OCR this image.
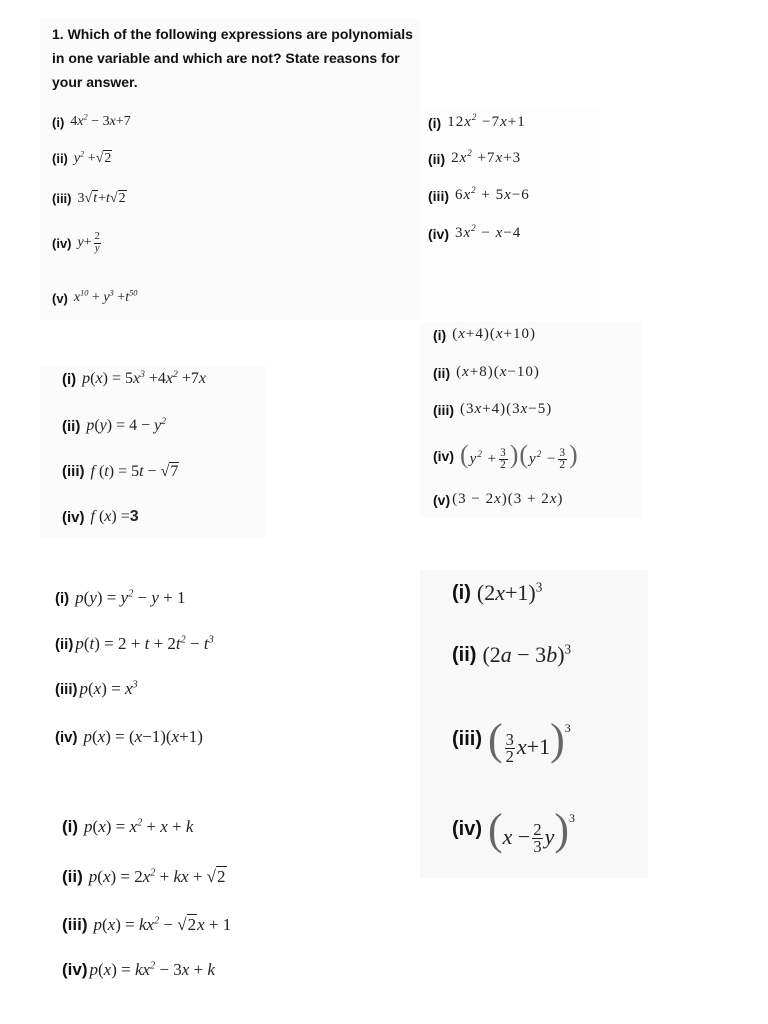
1. Which of the following expressions are polynomials in one variable and which are not? State reasons for your answer.
(i) $4x^2 - 3x+7$
(ii) $y^2$ + √ 2
(iii) 3 √ t +t √ 2
(iv) $y+ \frac{2}{y}$
(v) $x^{10} + y^3 +t^{50}$
(i) $12x^2 -7x+1$
(ii) $2x^2 +7x+3$
(iii) $6x^2 + 5x-6$
(iv) $3x^2 - x-4$
(i) $p(x) = 5x^3 +4x^2 +7x$
(ii) $p(y) = 4 - y^2$
(iii) f (t) = 5t − √ 7
(iv) f (x) =3
(i) (x+4)(x+10)
(ii) (x+8)(x−10)
(iii) (3x+4)(3x−5)
(iv) $(y^2 + \frac{3}{2} )(y^2 - \frac{3}{2}$ )
(v) (3 − 2x)(3 + 2x)
(i) $p(y) = y^2 - y + 1$
(ii) $p(t) = 2 + t + 2t^2 - t^3$
(iii) $p(x) = x^3$
(iv) p(x) = (x−1)(x+1)
(i) $(2x+1)^3$
(ii) $(2a - 3b)^3$
(iii) ( $\frac{3}{2} x+1)^3$
(iv) $(x - \frac{2}{3} y)^3$
(i) $p(x) = x^2 + x + k$
(ii) $p(x) = 2x^2$ + kx + √ 2
(iii) $p(x) = kx^2$ − √ 2 x + 1
(iv) $p(x) = kx^2 - 3x + k$
